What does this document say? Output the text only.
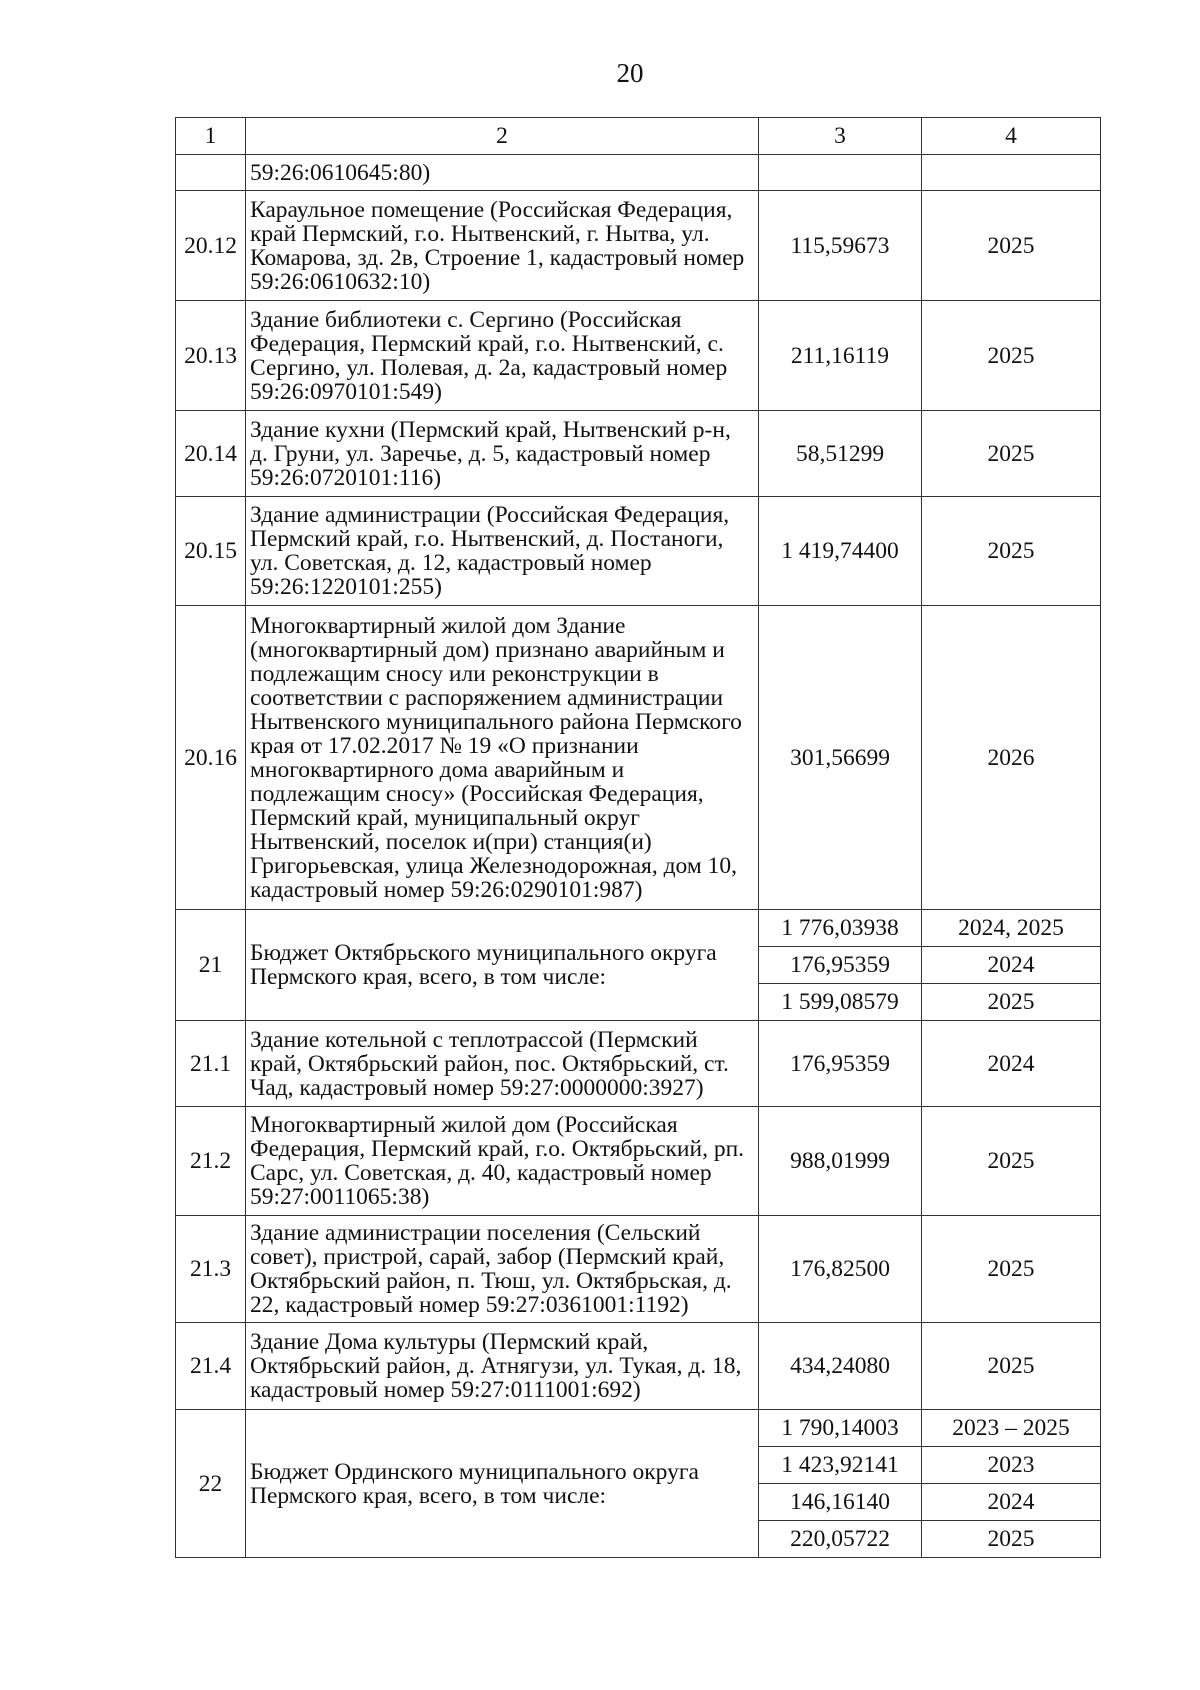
20
1	2	3	4
	59:26:0610645:80)		
20.12	Караульное помещение (Российская Федерация, край Пермский, г.о. Нытвенский, г. Нытва, ул. Комарова, зд. 2в, Строение 1, кадастровый номер 59:26:0610632:10)	115,59673	2025
20.13	Здание библиотеки с. Сергино (Российская Федерация, Пермский край, г.о. Нытвенский, с. Сергино, ул. Полевая, д. 2а, кадастровый номер 59:26:0970101:549)	211,16119	2025
20.14	Здание кухни (Пермский край, Нытвенский р-н, д. Груни, ул. Заречье, д. 5, кадастровый номер 59:26:0720101:116)	58,51299	2025
20.15	Здание администрации (Российская Федерация, Пермский край, г.о. Нытвенский, д. Постаноги, ул. Советская, д. 12, кадастровый номер 59:26:1220101:255)	1 419,74400	2025
20.16	Многоквартирный жилой дом Здание (многоквартирный дом) признано аварийным и подлежащим сносу или реконструкции в соответствии с распоряжением администрации Нытвенского муниципального района Пермского края от 17.02.2017 № 19 «О признании многоквартирного дома аварийным и подлежащим сносу» (Российская Федерация, Пермский край, муниципальный округ Нытвенский, поселок и(при) станция(и) Григорьевская, улица Железнодорожная, дом 10, кадастровый номер 59:26:0290101:987)	301,56699	2026
21	Бюджет Октябрьского муниципального округа Пермского края, всего, в том числе:	1 776,03938	2024, 2025
		176,95359	2024
		1 599,08579	2025
21.1	Здание котельной с теплотрассой (Пермский край, Октябрьский район, пос. Октябрьский, ст. Чад, кадастровый номер 59:27:0000000:3927)	176,95359	2024
21.2	Многоквартирный жилой дом (Российская Федерация, Пермский край, г.о. Октябрьский, рп. Сарс, ул. Советская, д. 40, кадастровый номер 59:27:0011065:38)	988,01999	2025
21.3	Здание администрации поселения (Сельский совет), пристрой, сарай, забор (Пермский край, Октябрьский район, п. Тюш, ул. Октябрьская, д. 22, кадастровый номер 59:27:0361001:1192)	176,82500	2025
21.4	Здание Дома культуры (Пермский край, Октябрьский район, д. Атнягузи, ул. Тукая, д. 18, кадастровый номер 59:27:0111001:692)	434,24080	2025
22	Бюджет Ординского муниципального округа Пермского края, всего, в том числе:	1 790,14003	2023 – 2025
		1 423,92141	2023
		146,16140	2024
		220,05722	2025
